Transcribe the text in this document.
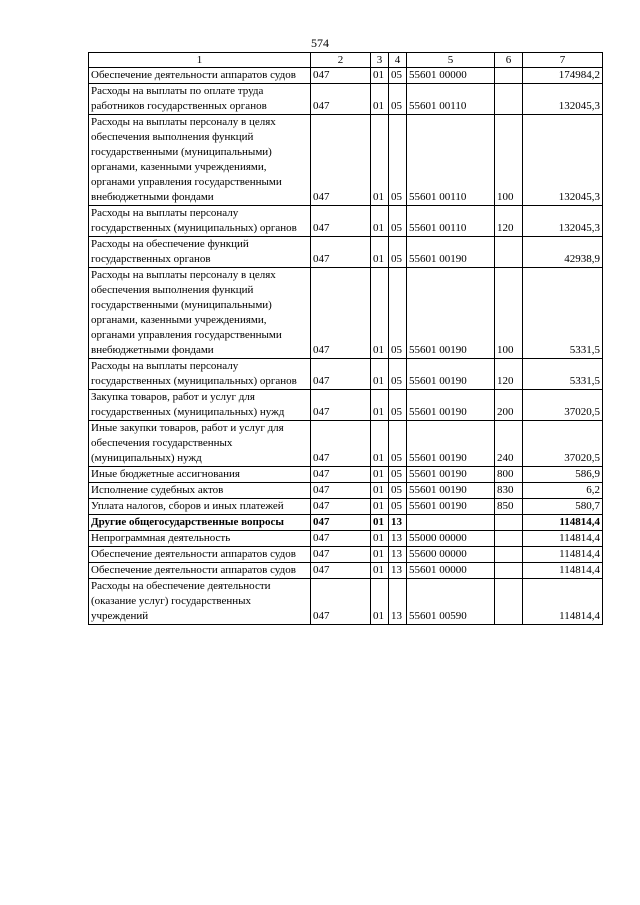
574
1	2	3	4	5	6	7
Обеспечение деятельности аппаратов судов	047	01	05	55601 00000		174984,2
Расходы на выплаты по оплате труда работников государственных органов	047	01	05	55601 00110		132045,3
Расходы на выплаты персоналу в целях обеспечения выполнения функций государственными (муниципальными) органами, казенными учреждениями, органами управления государственными внебюджетными фондами	047	01	05	55601 00110	100	132045,3
Расходы на выплаты персоналу государственных (муниципальных) органов	047	01	05	55601 00110	120	132045,3
Расходы на обеспечение функций государственных органов	047	01	05	55601 00190		42938,9
Расходы на выплаты персоналу в целях обеспечения выполнения функций государственными (муниципальными) органами, казенными учреждениями, органами управления государственными внебюджетными фондами	047	01	05	55601 00190	100	5331,5
Расходы на выплаты персоналу государственных (муниципальных) органов	047	01	05	55601 00190	120	5331,5
Закупка товаров, работ и услуг для государственных (муниципальных) нужд	047	01	05	55601 00190	200	37020,5
Иные закупки товаров, работ и услуг для обеспечения государственных (муниципальных) нужд	047	01	05	55601 00190	240	37020,5
Иные бюджетные ассигнования	047	01	05	55601 00190	800	586,9
Исполнение судебных актов	047	01	05	55601 00190	830	6,2
Уплата налогов, сборов и иных платежей	047	01	05	55601 00190	850	580,7
Другие общегосударственные вопросы	047	01	13			114814,4
Непрограммная деятельность	047	01	13	55000 00000		114814,4
Обеспечение деятельности аппаратов судов	047	01	13	55600 00000		114814,4
Обеспечение деятельности аппаратов судов	047	01	13	55601 00000		114814,4
Расходы на обеспечение деятельности (оказание услуг) государственных учреждений	047	01	13	55601 00590		114814,4
